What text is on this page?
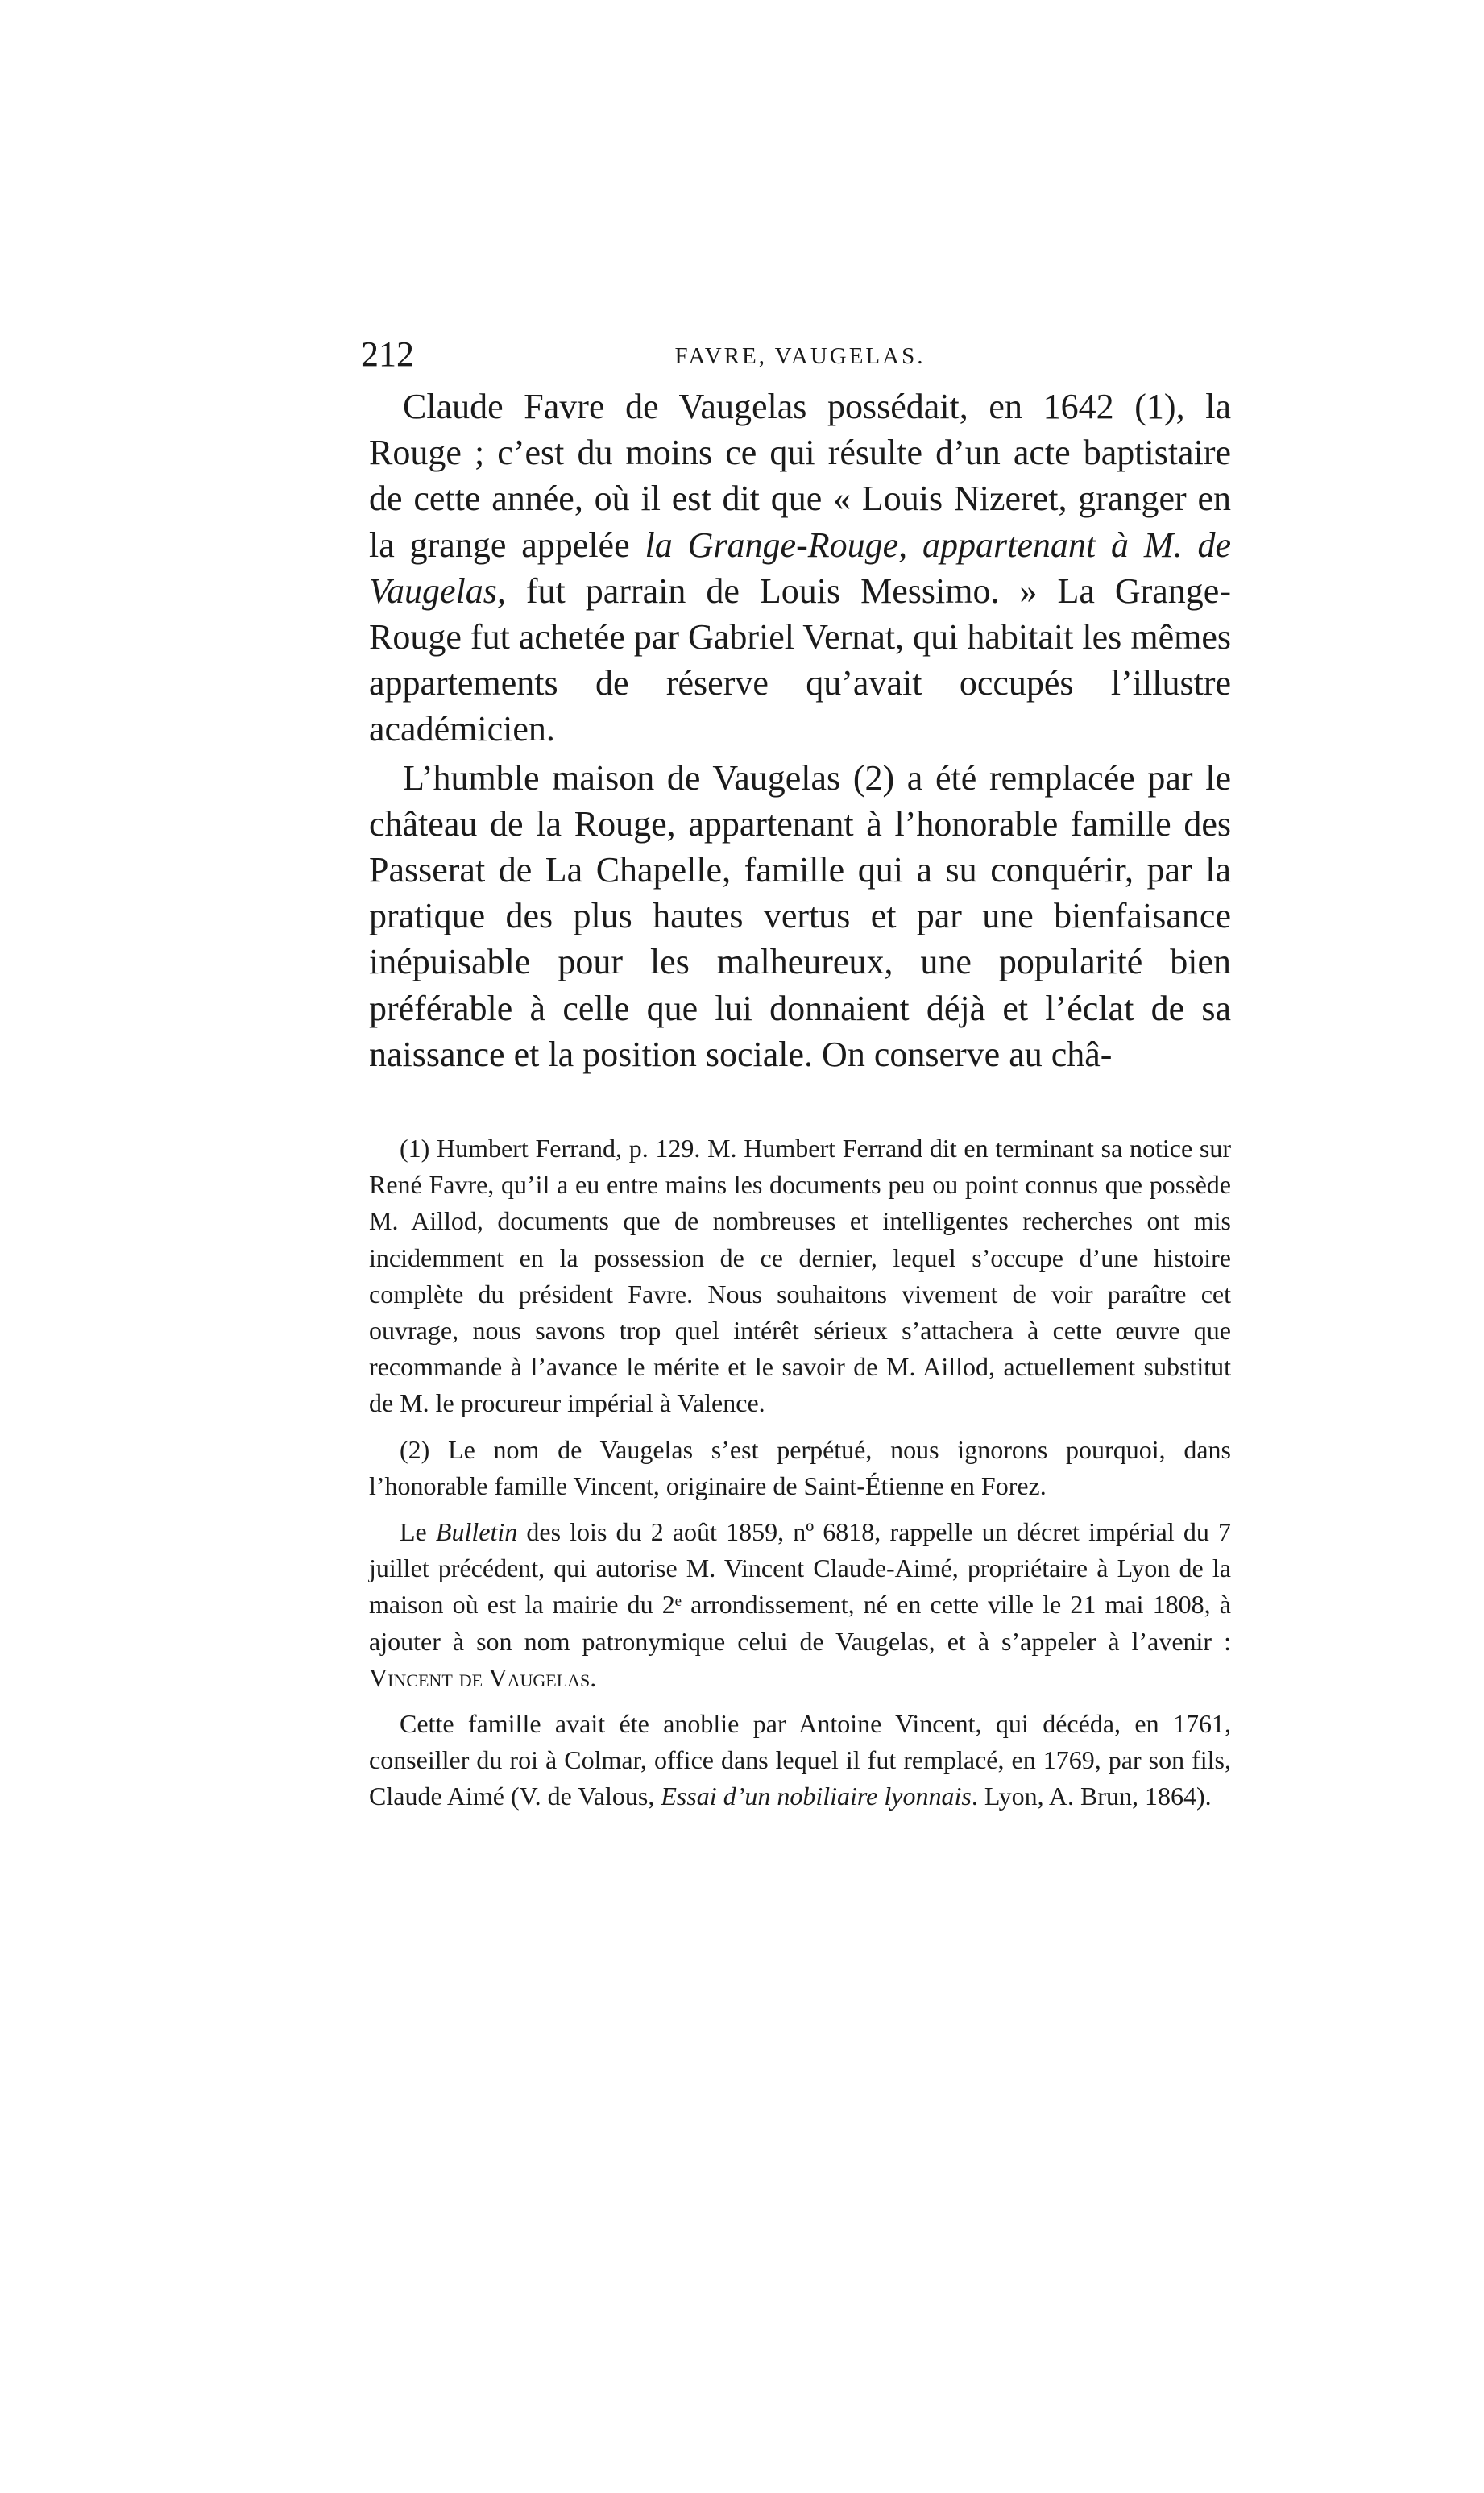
212	FAVRE, VAUGELAS.

Claude Favre de Vaugelas possédait, en 1642 (1), la Rouge ; c’est du moins ce qui résulte d’un acte baptistaire de cette année, où il est dit que « Louis Nizeret, granger en la grange appelée la Grange-Rouge, appartenant à M. de Vaugelas, fut parrain de Louis Messimo. » La Grange-Rouge fut achetée par Gabriel Vernat, qui habitait les mêmes appartements de réserve qu’avait occupés l’illustre académicien.

L’humble maison de Vaugelas (2) a été remplacée par le château de la Rouge, appartenant à l’honorable famille des Passerat de La Chapelle, famille qui a su conquérir, par la pratique des plus hautes vertus et par une bienfaisance inépuisable pour les malheureux, une popularité bien préférable à celle que lui donnaient déjà et l’éclat de sa naissance et la position sociale. On conserve au châ-

(1) Humbert Ferrand, p. 129. M. Humbert Ferrand dit en terminant sa notice sur René Favre, qu’il a eu entre mains les documents peu ou point connus que possède M. Aillod, documents que de nombreuses et intelligentes recherches ont mis incidemment en la possession de ce dernier, lequel s’occupe d’une histoire complète du président Favre. Nous souhaitons vivement de voir paraître cet ouvrage, nous savons trop quel intérêt sérieux s’attachera à cette œuvre que recommande à l’avance le mérite et le savoir de M. Aillod, actuellement substitut de M. le procureur impérial à Valence.

(2) Le nom de Vaugelas s’est perpétué, nous ignorons pourquoi, dans l’honorable famille Vincent, originaire de Saint-Étienne en Forez.

Le Bulletin des lois du 2 août 1859, nº 6818, rappelle un décret impérial du 7 juillet précédent, qui autorise M. Vincent Claude-Aimé, propriétaire à Lyon de la maison où est la mairie du 2ᵉ arrondissement, né en cette ville le 21 mai 1808, à ajouter à son nom patronymique celui de Vaugelas, et à s’appeler à l’avenir : Vincent de Vaugelas.

Cette famille avait éte anoblie par Antoine Vincent, qui décéda, en 1761, conseiller du roi à Colmar, office dans lequel il fut remplacé, en 1769, par son fils, Claude Aimé (V. de Valous, Essai d’un nobiliaire lyonnais. Lyon, A. Brun, 1864).
